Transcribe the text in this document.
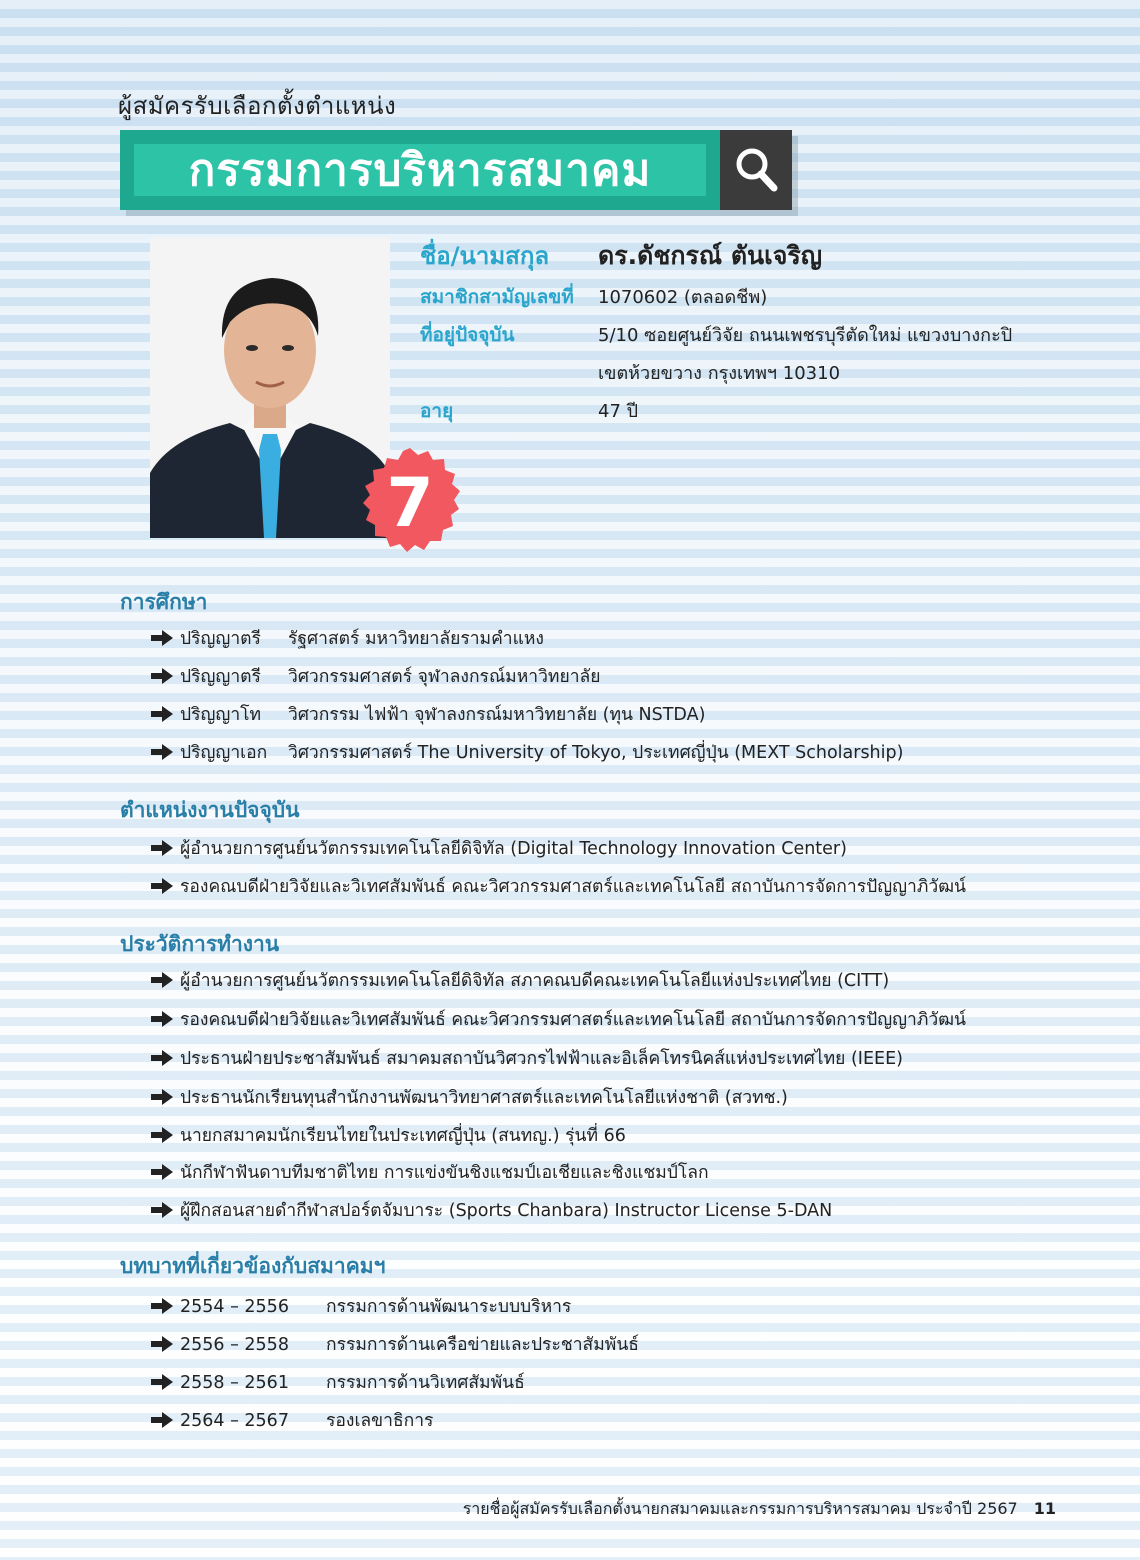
ผู้สมัครรับเลือกตั้งตำแหน่ง
กรรมการบริหารสมาคม
7
ชื่อ/นามสกุล ดร.ดัชกรณ์ ตันเจริญ
สมาชิกสามัญเลขที่ 1070602 (ตลอดชีพ)
ที่อยู่ปัจจุบัน	5/10 ซอยศูนย์วิจัย ถนนเพชรบุรีตัดใหม่ แขวงบางกะปิ
เขตห้วยขวาง กรุงเทพฯ 10310
อายุ	47 ปี
การศึกษา
ปริญญาตรี รัฐศาสตร์ มหาวิทยาลัยรามคำแหง
ปริญญาตรี วิศวกรรมศาสตร์ จุฬาลงกรณ์มหาวิทยาลัย
ปริญญาโท วิศวกรรม ไฟฟ้า จุฬาลงกรณ์มหาวิทยาลัย (ทุน NSTDA)
ปริญญาเอก วิศวกรรมศาสตร์ The University of Tokyo, ประเทศญี่ปุ่น (MEXT Scholarship)
ตำแหน่งงานปัจจุบัน
ผู้อำนวยการศูนย์นวัตกรรมเทคโนโลยีดิจิทัล (Digital Technology Innovation Center)
รองคณบดีฝ่ายวิจัยและวิเทศสัมพันธ์ คณะวิศวกรรมศาสตร์และเทคโนโลยี สถาบันการจัดการปัญญาภิวัฒน์
ประวัติการทำงาน
ผู้อำนวยการศูนย์นวัตกรรมเทคโนโลยีดิจิทัล สภาคณบดีคณะเทคโนโลยีแห่งประเทศไทย (CITT)
รองคณบดีฝ่ายวิจัยและวิเทศสัมพันธ์ คณะวิศวกรรมศาสตร์และเทคโนโลยี สถาบันการจัดการปัญญาภิวัฒน์
ประธานฝ่ายประชาสัมพันธ์ สมาคมสถาบันวิศวกรไฟฟ้าและอิเล็คโทรนิคส์แห่งประเทศไทย (IEEE)
ประธานนักเรียนทุนสำนักงานพัฒนาวิทยาศาสตร์และเทคโนโลยีแห่งชาติ (สวทช.)
นายกสมาคมนักเรียนไทยในประเทศญี่ปุ่น (สนทญ.) รุ่นที่ 66
นักกีฬาฟันดาบทีมชาติไทย การแข่งขันชิงแชมป์เอเชียและชิงแชมป์โลก
ผู้ฝึกสอนสายดำกีฬาสปอร์ตจัมบาระ (Sports Chanbara) Instructor License 5-DAN
บทบาทที่เกี่ยวข้องกับสมาคมฯ
2554 – 2556 กรรมการด้านพัฒนาระบบบริหาร
2556 – 2558 กรรมการด้านเครือข่ายและประชาสัมพันธ์
2558 – 2561 กรรมการด้านวิเทศสัมพันธ์
2564 – 2567 รองเลขาธิการ
รายชื่อผู้สมัครรับเลือกตั้งนายกสมาคมและกรรมการบริหารสมาคม ประจำปี 2567 11
